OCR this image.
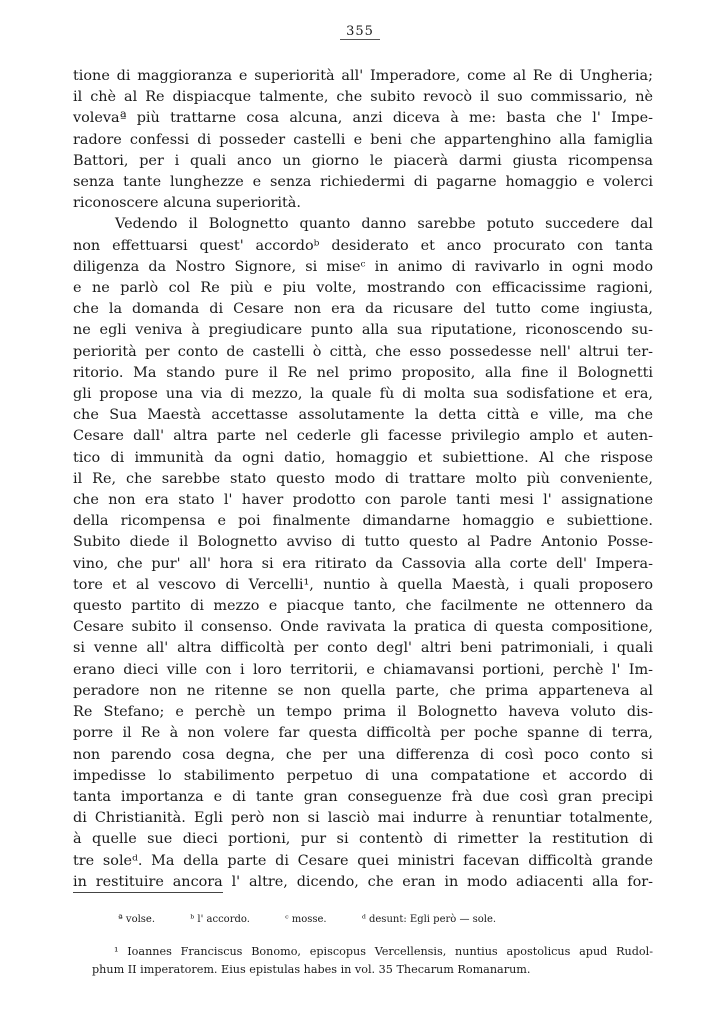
355
tione di maggioranza e superiorità all' Imperadore, come al Re di Ungheria;
il chè al Re dispiacque talmente, che subito revocò il suo commissario, nè
volevaª più trattarne cosa alcuna, anzi diceva à me: basta che l' Impe-
radore confessi di posseder castelli e beni che appartenghino alla famiglia
Battori, per i quali anco un giorno le piacerà darmi giusta ricompensa
senza tante lunghezze e senza richiedermi di pagarne homaggio e volerci
riconoscere alcuna superiorità.
Vedendo il Bolognetto quanto danno sarebbe potuto succedere dal
non effettuarsi quest' accordoᵇ desiderato et anco procurato con tanta
diligenza da Nostro Signore, si miseᶜ in animo di ravivarlo in ogni modo
e ne parlò col Re più e piu volte, mostrando con efficacissime ragioni,
che la domanda di Cesare non era da ricusare del tutto come ingiusta,
ne egli veniva à pregiudicare punto alla sua riputatione, riconoscendo su-
periorità per conto de castelli ò città, che esso possedesse nell' altrui ter-
ritorio. Ma stando pure il Re nel primo proposito, alla fine il Bolognetti
gli propose una via di mezzo, la quale fù di molta sua sodisfatione et era,
che Sua Maestà accettasse assolutamente la detta città e ville, ma che
Cesare dall' altra parte nel cederle gli facesse privilegio amplo et auten-
tico di immunità da ogni datio, homaggio et subiettione. Al che rispose
il Re, che sarebbe stato questo modo di trattare molto più conveniente,
che non era stato l' haver prodotto con parole tanti mesi l' assignatione
della ricompensa e poi finalmente dimandarne homaggio e subiettione.
Subito diede il Bolognetto avviso di tutto questo al Padre Antonio Posse-
vino, che pur' all' hora si era ritirato da Cassovia alla corte dell' Impera-
tore et al vescovo di Vercelli¹, nuntio à quella Maestà, i quali proposero
questo partito di mezzo e piacque tanto, che facilmente ne ottennero da
Cesare subito il consenso. Onde ravivata la pratica di questa compositione,
si venne all' altra difficoltà per conto degl' altri beni patrimoniali, i quali
erano dieci ville con i loro territorii, e chiamavansi portioni, perchè l' Im-
peradore non ne ritenne se non quella parte, che prima apparteneva al
Re Stefano; e perchè un tempo prima il Bolognetto haveva voluto dis-
porre il Re à non volere far questa difficoltà per poche spanne di terra,
non parendo cosa degna, che per una differenza di così poco conto si
impedisse lo stabilimento perpetuo di una compatatione et accordo di
tanta importanza e di tante gran conseguenze frà due così gran precipi
di Christianità. Egli però non si lasciò mai indurre à renuntiar totalmente,
à quelle sue dieci portioni, pur si contentò di rimetter la restitution di
tre soleᵈ. Ma della parte di Cesare quei ministri facevan difficoltà grande
in restituire ancora l' altre, dicendo, che eran in modo adiacenti alla for-
ª volse.	ᵇ l' accordo.	ᶜ mosse.	ᵈ desunt: Egli però — sole.
¹ Ioannes Franciscus Bonomo, episcopus Vercellensis, nuntius apostolicus apud Rudol-
phum II imperatorem. Eius epistulas habes in vol. 35 Thecarum Romanarum.
